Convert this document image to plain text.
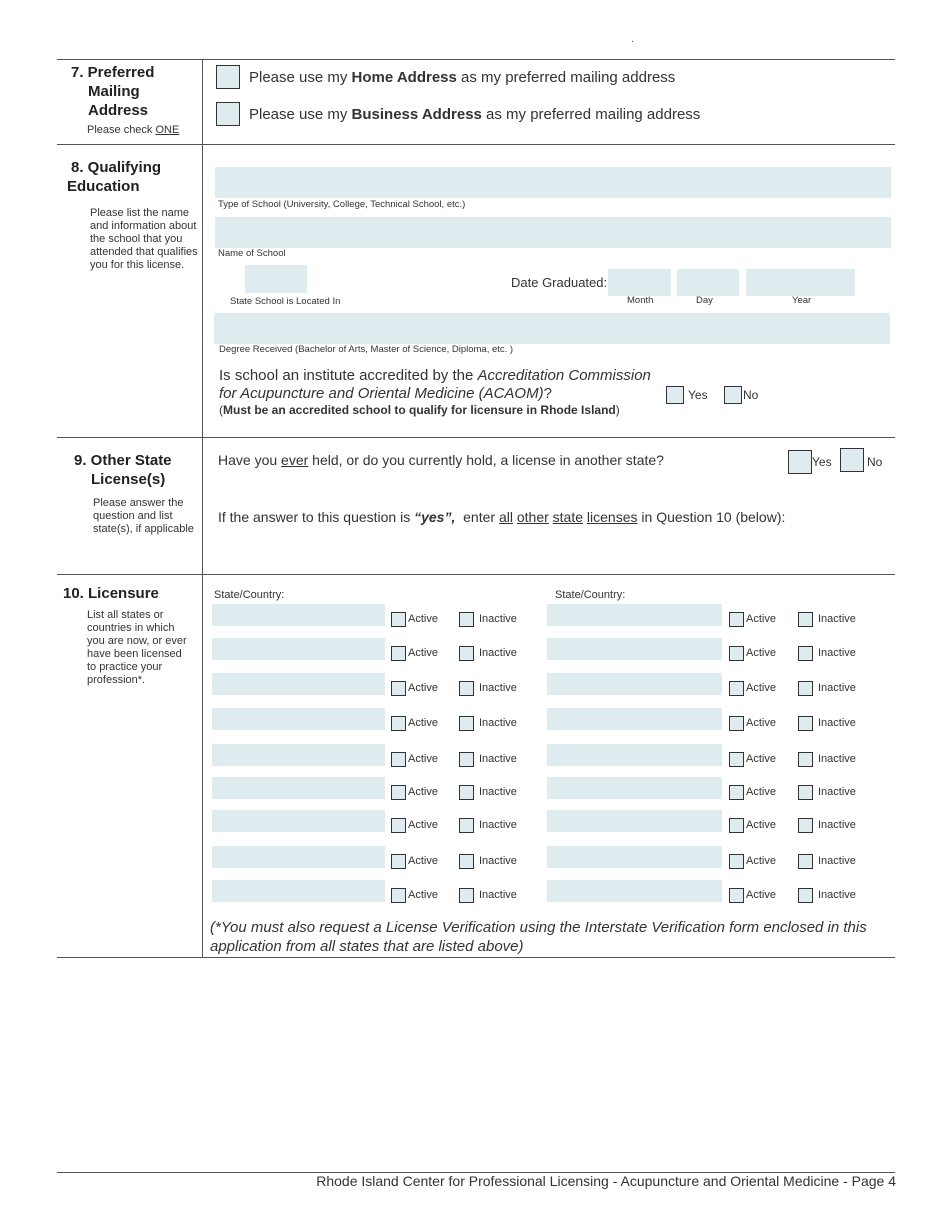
.
7. Preferred
Mailing
Address
Please check ONE
Please use my Home Address as my preferred mailing address
Please use my Business Address as my preferred mailing address
8. Qualifying
Education
Please list the name
and information about
the school that you
attended that qualifies
you for this license.
Type of School (University, College, Technical School, etc.)
Name of School
State School is Located In
Date Graduated:
Month	Day	Year
Degree Received (Bachelor of Arts, Master of Science, Diploma, etc. )
Is school an institute accredited by the Accreditation Commission
for Acupuncture and Oriental Medicine (ACAOM)?
(Must be an accredited school to qualify for licensure in Rhode Island)
Yes	No
9. Other State
License(s)
Please answer the
question and list
state(s), if applicable
Have you ever held, or do you currently hold, a license in another state?	Yes	No
If the answer to this question is “yes”,  enter all other state licenses in Question 10 (below):
10. Licensure
List all states or
countries in which
you are now, or ever
have been licensed
to practice your
profession*.
State/Country:	State/Country:
Active	Inactive	Active	Inactive
Active	Inactive	Active	Inactive
Active	Inactive	Active	Inactive
Active	Inactive	Active	Inactive
Active	Inactive	Active	Inactive
Active	Inactive	Active	Inactive
Active	Inactive	Active	Inactive
Active	Inactive	Active	Inactive
Active	Inactive	Active	Inactive
(*You must also request a License Verification using the Interstate Verification form enclosed in this
application from all states that are listed above)
Rhode Island Center for Professional Licensing - Acupuncture and Oriental Medicine - Page 4
